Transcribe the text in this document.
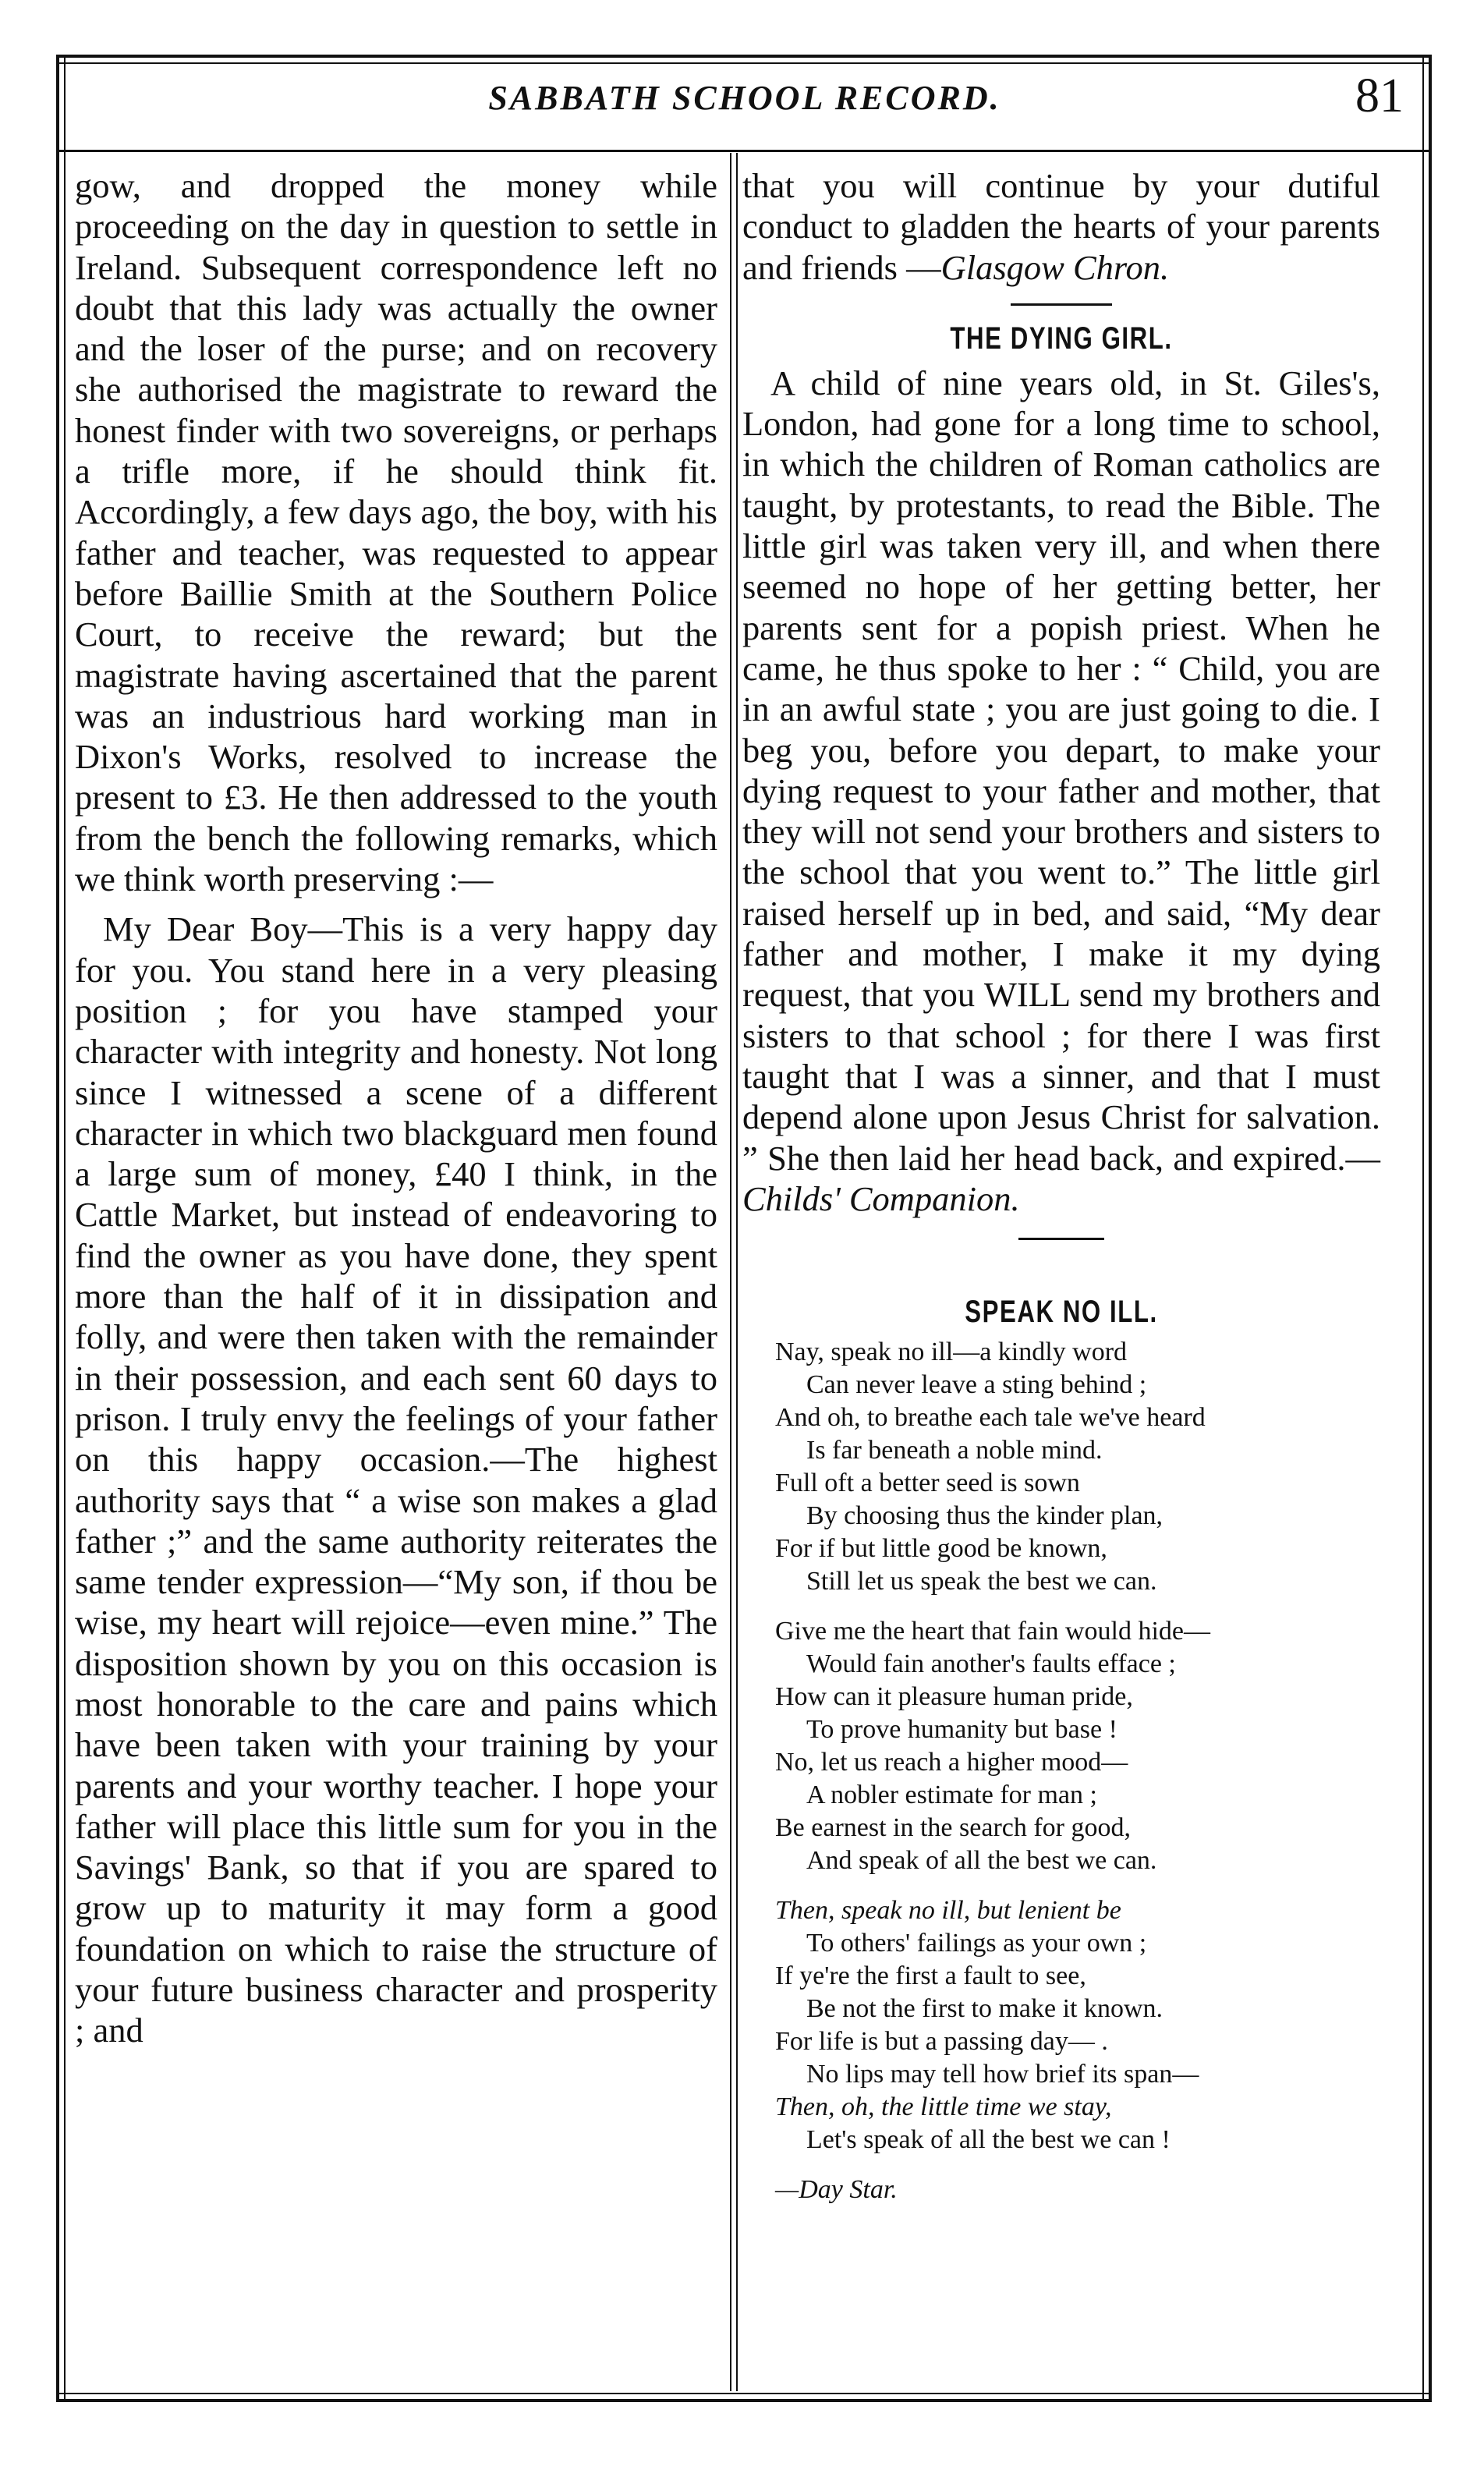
SABBATH SCHOOL RECORD.	81

gow, and dropped the money while proceeding on the day in question to settle in Ireland. Subsequent correspondence left no doubt that this lady was actually the owner and the loser of the purse; and on recovery she authorised the magistrate to reward the honest finder with two sovereigns, or perhaps a trifle more, if he should think fit. Accordingly, a few days ago, the boy, with his father and teacher, was requested to appear before Baillie Smith at the Southern Police Court, to receive the reward; but the magistrate having ascertained that the parent was an industrious hard working man in Dixon's Works, resolved to increase the present to £3. He then addressed to the youth from the bench the following remarks, which we think worth preserving :—

My Dear Boy—This is a very happy day for you. You stand here in a very pleasing position ; for you have stamped your character with integrity and honesty. Not long since I witnessed a scene of a different character in which two blackguard men found a large sum of money, £40 I think, in the Cattle Market, but instead of endeavoring to find the owner as you have done, they spent more than the half of it in dissipation and folly, and were then taken with the remainder in their possession, and each sent 60 days to prison. I truly envy the feelings of your father on this happy occasion.—The highest authority says that “ a wise son makes a glad father ;” and the same authority reiterates the same tender expression—“My son, if thou be wise, my heart will rejoice—even mine.” The disposition shown by you on this occasion is most honorable to the care and pains which have been taken with your training by your parents and your worthy teacher. I hope your father will place this little sum for you in the Savings' Bank, so that if you are spared to grow up to maturity it may form a good foundation on which to raise the structure of your future business character and prosperity ; and

that you will continue by your dutiful conduct to gladden the hearts of your parents and friends —Glasgow Chron.

THE DYING GIRL.

A child of nine years old, in St. Giles's, London, had gone for a long time to school, in which the children of Roman catholics are taught, by protestants, to read the Bible. The little girl was taken very ill, and when there seemed no hope of her getting better, her parents sent for a popish priest. When he came, he thus spoke to her : “ Child, you are in an awful state ; you are just going to die. I beg you, before you depart, to make your dying request to your father and mother, that they will not send your brothers and sisters to the school that you went to.” The little girl raised herself up in bed, and said, “My dear father and mother, I make it my dying request, that you WILL send my brothers and sisters to that school ; for there I was first taught that I was a sinner, and that I must depend alone upon Jesus Christ for salvation. ” She then laid her head back, and expired.— Childs' Companion.

SPEAK NO ILL.
Nay, speak no ill—a kindly word
Can never leave a sting behind ;
And oh, to breathe each tale we've heard
Is far beneath a noble mind.
Full oft a better seed is sown
By choosing thus the kinder plan,
For if but little good be known,
Still let us speak the best we can.
Give me the heart that fain would hide—
Would fain another's faults efface ;
How can it pleasure human pride,
To prove humanity but base !
No, let us reach a higher mood—
A nobler estimate for man ;
Be earnest in the search for good,
And speak of all the best we can.
Then, speak no ill, but lenient be
To others' failings as your own ;
If ye're the first a fault to see,
Be not the first to make it known.
For life is but a passing day— .
No lips may tell how brief its span—
Then, oh, the little time we stay,
Let's speak of all the best we can !
—Day Star.
